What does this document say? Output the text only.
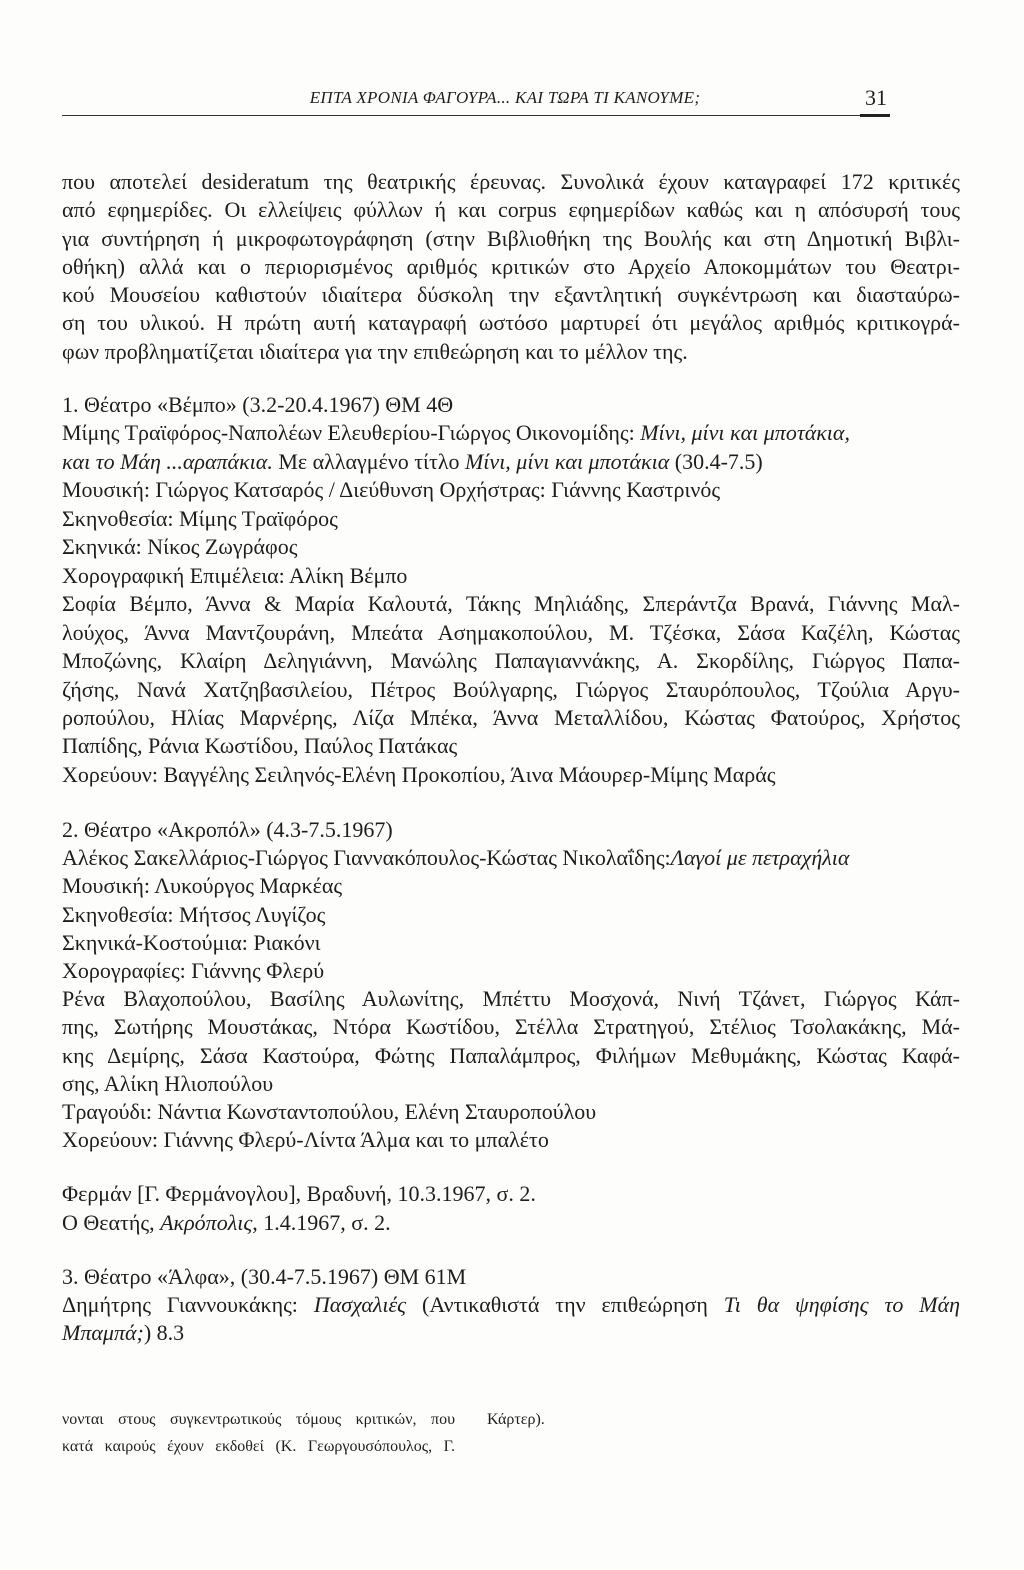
ΕΠΤΑ ΧΡΟΝΙΑ ΦΑΓΟΥΡΑ... ΚΑΙ ΤΩΡΑ ΤΙ ΚΑΝΟΥΜΕ;	31
που αποτελεί desideratum της θεατρικής έρευνας. Συνολικά έχουν καταγραφεί 172 κριτικές
από εφημερίδες. Οι ελλείψεις φύλλων ή και corpus εφημερίδων καθώς και η απόσυρσή τους
για συντήρηση ή μικροφωτογράφηση (στην Βιβλιοθήκη της Βουλής και στη Δημοτική Βιβλι-
οθήκη) αλλά και ο περιορισμένος αριθμός κριτικών στο Αρχείο Αποκομμάτων του Θεατρι-
κού Μουσείου καθιστούν ιδιαίτερα δύσκολη την εξαντλητική συγκέντρωση και διασταύρω-
ση του υλικού. Η πρώτη αυτή καταγραφή ωστόσο μαρτυρεί ότι μεγάλος αριθμός κριτικογρά-
φων προβληματίζεται ιδιαίτερα για την επιθεώρηση και το μέλλον της.
1. Θέατρο «Βέμπο» (3.2-20.4.1967) ΘΜ 4Θ
Μίμης Τραϊφόρος-Ναπολέων Ελευθερίου-Γιώργος Οικονομίδης: Μίνι, μίνι και μποτάκια,
και το Μάη ...αραπάκια. Με αλλαγμένο τίτλο Μίνι, μίνι και μποτάκια (30.4-7.5)
Μουσική: Γιώργος Κατσαρός / Διεύθυνση Ορχήστρας: Γιάννης Καστρινός
Σκηνοθεσία: Μίμης Τραϊφόρος
Σκηνικά: Νίκος Ζωγράφος
Χορογραφική Επιμέλεια: Αλίκη Βέμπο
Σοφία Βέμπο, Άννα & Μαρία Καλουτά, Τάκης Μηλιάδης, Σπεράντζα Βρανά, Γιάννης Μαλ-
λούχος, Άννα Μαντζουράνη, Μπεάτα Ασημακοπούλου, Μ. Τζέσκα, Σάσα Καζέλη, Κώστας
Μποζώνης, Κλαίρη Δεληγιάννη, Μανώλης Παπαγιαννάκης, Α. Σκορδίλης, Γιώργος Παπα-
ζήσης, Νανά Χατζηβασιλείου, Πέτρος Βούλγαρης, Γιώργος Σταυρόπουλος, Τζούλια Αργυ-
ροπούλου, Ηλίας Μαρνέρης, Λίζα Μπέκα, Άννα Μεταλλίδου, Κώστας Φατούρος, Χρήστος
Παπίδης, Ράνια Κωστίδου, Παύλος Πατάκας
Χορεύουν: Βαγγέλης Σειληνός-Ελένη Προκοπίου, Άινα Μάουρερ-Μίμης Μαράς
2. Θέατρο «Ακροπόλ» (4.3-7.5.1967)
Αλέκος Σακελλάριος-Γιώργος Γιαννακόπουλος-Κώστας Νικολαΐδης:Λαγοί με πετραχήλια
Μουσική: Λυκούργος Μαρκέας
Σκηνοθεσία: Μήτσος Λυγίζος
Σκηνικά-Κοστούμια: Ριακόνι
Χορογραφίες: Γιάννης Φλερύ
Ρένα Βλαχοπούλου, Βασίλης Αυλωνίτης, Μπέττυ Μοσχονά, Νινή Τζάνετ, Γιώργος Κάπ-
πης, Σωτήρης Μουστάκας, Ντόρα Κωστίδου, Στέλλα Στρατηγού, Στέλιος Τσολακάκης, Μά-
κης Δεμίρης, Σάσα Καστούρα, Φώτης Παπαλάμπρος, Φιλήμων Μεθυμάκης, Κώστας Καφά-
σης, Αλίκη Ηλιοπούλου
Τραγούδι: Νάντια Κωνσταντοπούλου, Ελένη Σταυροπούλου
Χορεύουν: Γιάννης Φλερύ-Λίντα Άλμα και το μπαλέτο
Φερμάν [Γ. Φερμάνογλου], Βραδυνή, 10.3.1967, σ. 2.
Ο Θεατής, Ακρόπολις, 1.4.1967, σ. 2.
3. Θέατρο «Άλφα», (30.4-7.5.1967) ΘΜ 61Μ
Δημήτρης Γιαννουκάκης: Πασχαλιές (Αντικαθιστά την επιθεώρηση Τι θα ψηφίσης το Μάη
Μπαμπά;) 8.3
νονται στους συγκεντρωτικούς τόμους κριτικών, που
κατά καιρούς έχουν εκδοθεί (Κ. Γεωργουσόπουλος, Γ.
Κάρτερ).
